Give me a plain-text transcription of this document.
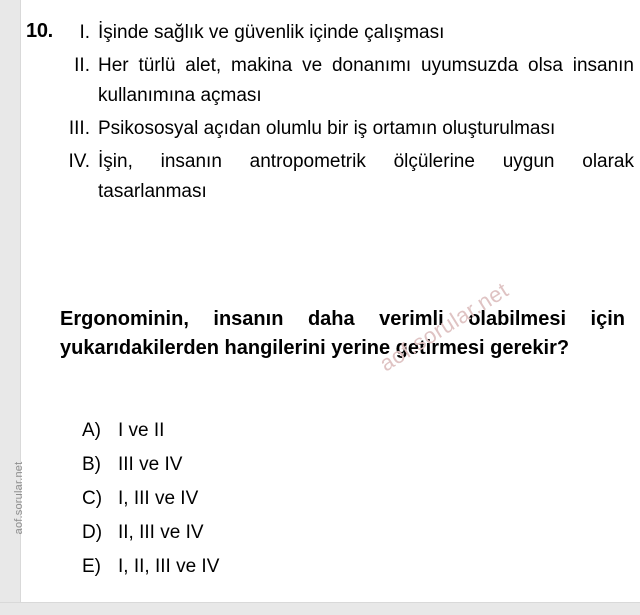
aof.sorular.net
10.	I. İşinde sağlık ve güvenlik içinde çalışması
II. Her türlü alet, makina ve donanımı uyumsuzda olsa insanın kullanımına açması
III. Psikososyal açıdan olumlu bir iş ortamın oluşturulması
IV. İşin, insanın antropometrik ölçülerine uygun olarak tasarlanması
Ergonominin, insanın daha verimli olabilmesi için yukarıdakilerden hangilerini yerine getirmesi gerekir?
A) I ve II
B) III ve IV
C) I, III ve IV
D) II, III ve IV
E) I, II, III ve IV
aof.sorular.net
